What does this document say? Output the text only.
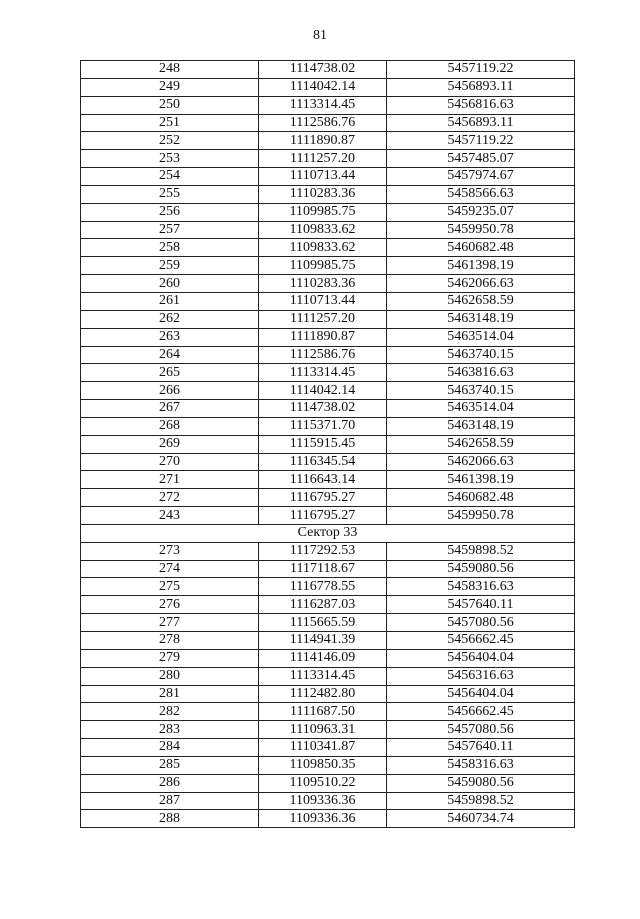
81
248	1114738.02	5457119.22
249	1114042.14	5456893.11
250	1113314.45	5456816.63
251	1112586.76	5456893.11
252	1111890.87	5457119.22
253	1111257.20	5457485.07
254	1110713.44	5457974.67
255	1110283.36	5458566.63
256	1109985.75	5459235.07
257	1109833.62	5459950.78
258	1109833.62	5460682.48
259	1109985.75	5461398.19
260	1110283.36	5462066.63
261	1110713.44	5462658.59
262	1111257.20	5463148.19
263	1111890.87	5463514.04
264	1112586.76	5463740.15
265	1113314.45	5463816.63
266	1114042.14	5463740.15
267	1114738.02	5463514.04
268	1115371.70	5463148.19
269	1115915.45	5462658.59
270	1116345.54	5462066.63
271	1116643.14	5461398.19
272	1116795.27	5460682.48
243	1116795.27	5459950.78
Сектор 33		
273	1117292.53	5459898.52
274	1117118.67	5459080.56
275	1116778.55	5458316.63
276	1116287.03	5457640.11
277	1115665.59	5457080.56
278	1114941.39	5456662.45
279	1114146.09	5456404.04
280	1113314.45	5456316.63
281	1112482.80	5456404.04
282	1111687.50	5456662.45
283	1110963.31	5457080.56
284	1110341.87	5457640.11
285	1109850.35	5458316.63
286	1109510.22	5459080.56
287	1109336.36	5459898.52
288	1109336.36	5460734.74
